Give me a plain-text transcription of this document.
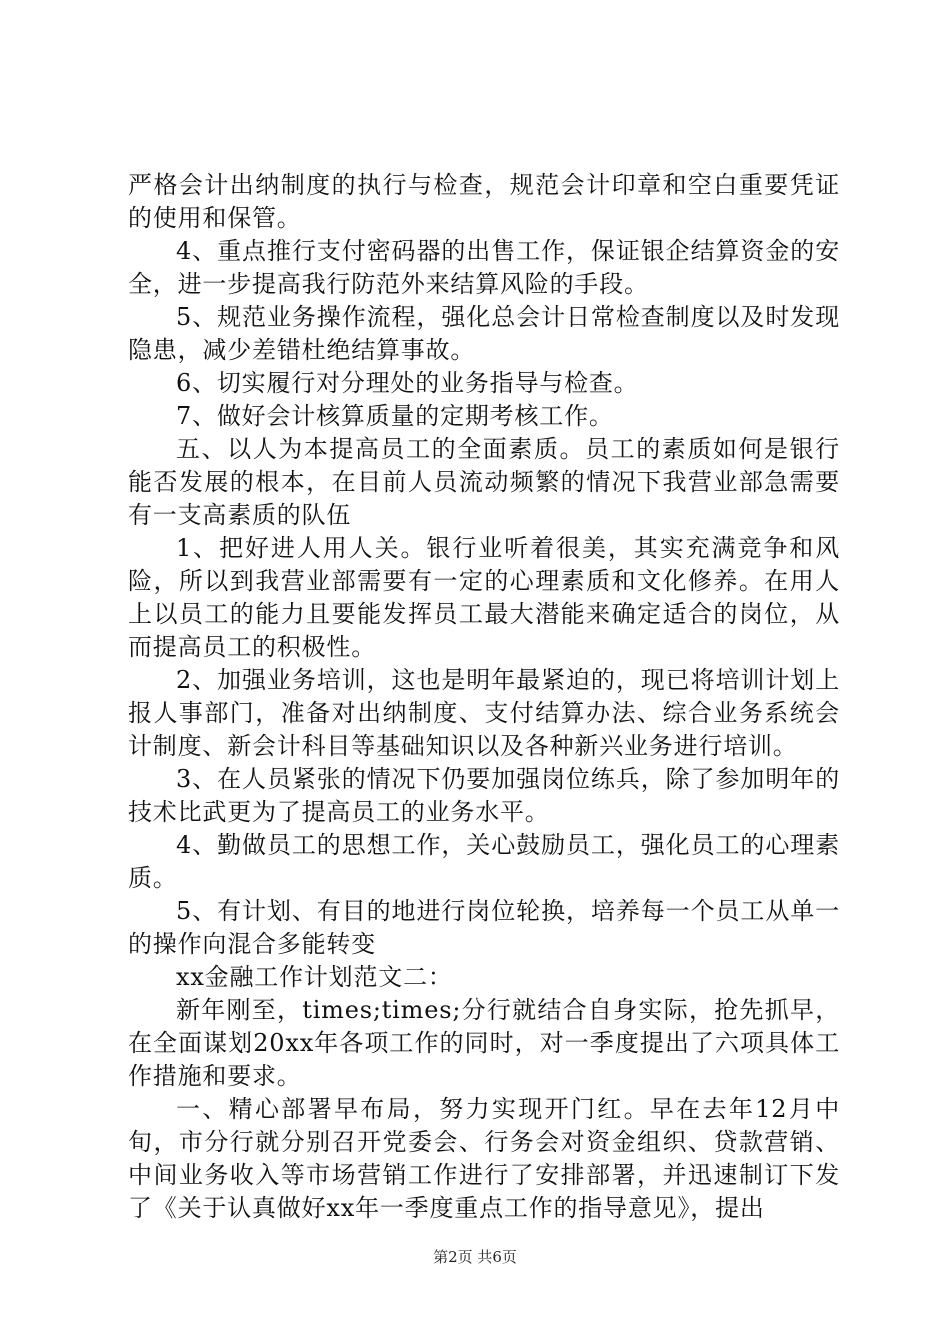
严格会计出纳制度的执行与检查，规范会计印章和空白重要凭证的使用和保管。

4、重点推行支付密码器的出售工作，保证银企结算资金的安全，进一步提高我行防范外来结算风险的手段。

5、规范业务操作流程，强化总会计日常检查制度以及时发现隐患，减少差错杜绝结算事故。

6、切实履行对分理处的业务指导与检查。

7、做好会计核算质量的定期考核工作。

五、以人为本提高员工的全面素质。员工的素质如何是银行能否发展的根本，在目前人员流动频繁的情况下我营业部急需要有一支高素质的队伍

1、把好进人用人关。银行业听着很美，其实充满竞争和风险，所以到我营业部需要有一定的心理素质和文化修养。在用人上以员工的能力且要能发挥员工最大潜能来确定适合的岗位，从而提高员工的积极性。

2、加强业务培训，这也是明年最紧迫的，现已将培训计划上报人事部门，准备对出纳制度、支付结算办法、综合业务系统会计制度、新会计科目等基础知识以及各种新兴业务进行培训。

3、在人员紧张的情况下仍要加强岗位练兵，除了参加明年的技术比武更为了提高员工的业务水平。

4、勤做员工的思想工作，关心鼓励员工，强化员工的心理素质。

5、有计划、有目的地进行岗位轮换，培养每一个员工从单一的操作向混合多能转变

xx金融工作计划范文二：

新年刚至，times;times;分行就结合自身实际，抢先抓早，在全面谋划20xx年各项工作的同时，对一季度提出了六项具体工作措施和要求。

一、精心部署早布局，努力实现开门红。早在去年12月中旬，市分行就分别召开党委会、行务会对资金组织、贷款营销、中间业务收入等市场营销工作进行了安排部署，并迅速制订下发了《关于认真做好xx年一季度重点工作的指导意见》，提出

第2页 共6页
